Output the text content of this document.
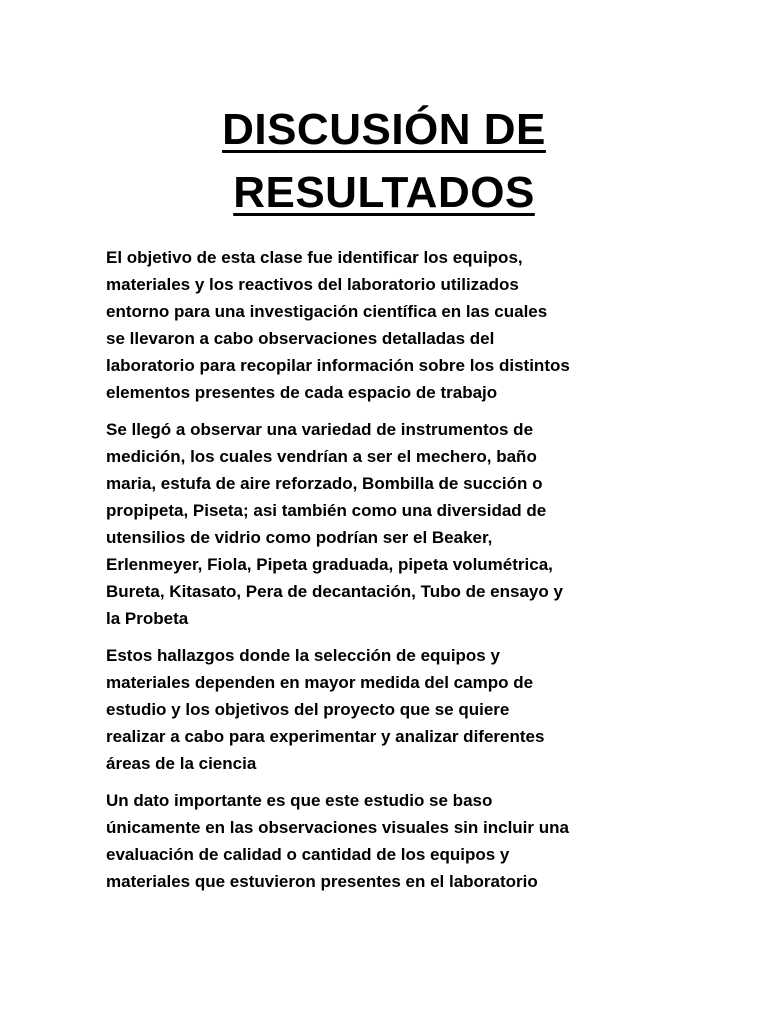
DISCUSIÓN DE
RESULTADOS

El objetivo de esta clase fue identificar los equipos,
materiales y los reactivos del laboratorio utilizados
entorno para una investigación científica en las cuales
se llevaron a cabo observaciones detalladas del
laboratorio para recopilar información sobre los distintos
elementos presentes de cada espacio de trabajo

Se llegó a observar una variedad de instrumentos de
medición, los cuales vendrían a ser el mechero, baño
maria, estufa de aire reforzado, Bombilla de succión o
propipeta, Piseta; asi también como una diversidad de
utensilios de vidrio como podrían ser el Beaker,
Erlenmeyer, Fiola, Pipeta graduada, pipeta volumétrica,
Bureta, Kitasato, Pera de decantación, Tubo de ensayo y
la Probeta

Estos hallazgos donde la selección de equipos y
materiales dependen en mayor medida del campo de
estudio y los objetivos del proyecto que se quiere
realizar a cabo para experimentar y analizar diferentes
áreas de la ciencia

Un dato importante es que este estudio se baso
únicamente en las observaciones visuales sin incluir una
evaluación de calidad o cantidad de los equipos y
materiales que estuvieron presentes en el laboratorio
